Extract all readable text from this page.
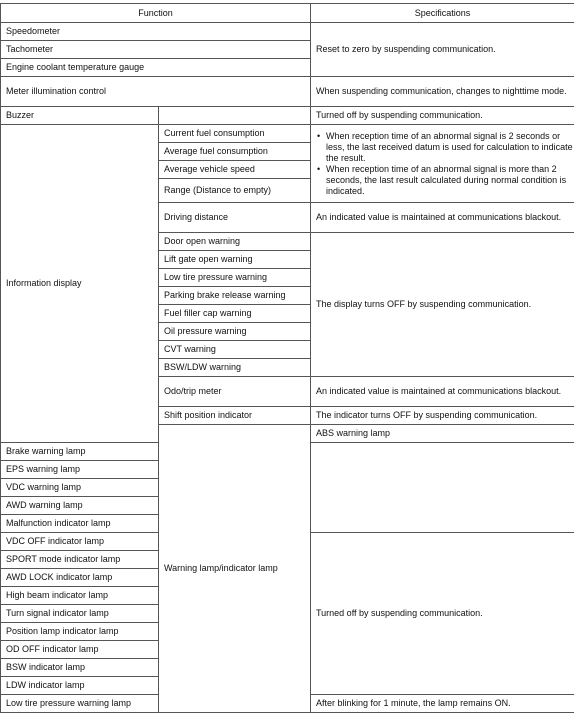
Function		Specifications	
Speedometer		Reset to zero by suspending communication.	
Tachometer			
Engine coolant temperature gauge			
Meter illumination control		When suspending communication, changes to nighttime mode.	
Buzzer		Turned off by suspending communication.	
Information display	Current fuel consumption	• When reception time of an abnormal signal is 2 seconds or less, the last received datum is used for calculation to indicate the result.

• When reception time of an abnormal signal is more than 2 seconds, the last result calculated during normal condition is indicated.

	Average fuel consumption		
	Average vehicle speed		
	Range (Distance to empty)		
	Driving distance	An indicated value is maintained at communications blackout.	
	Door open warning	The display turns OFF by suspending communication.	
	Lift gate open warning		
	Low tire pressure warning		
	Parking brake release warning		
	Fuel filler cap warning		
	Oil pressure warning		
	CVT warning		
	BSW/LDW warning		
	Odo/trip meter	An indicated value is maintained at communications blackout.	
	Shift position indicator	The indicator turns OFF by suspending communication.	
	Warning lamp/indicator lamp	ABS warning lamp	
Brake warning lamp			
EPS warning lamp			
VDC warning lamp			
AWD warning lamp			
Malfunction indicator lamp			
VDC OFF indicator lamp		Turned off by suspending communication.	
SPORT mode indicator lamp			
AWD LOCK indicator lamp			
High beam indicator lamp			
Turn signal indicator lamp			
Position lamp indicator lamp			
OD OFF indicator lamp			
BSW indicator lamp			
LDW indicator lamp			
Low tire pressure warning lamp		After blinking for 1 minute, the lamp remains ON.	
